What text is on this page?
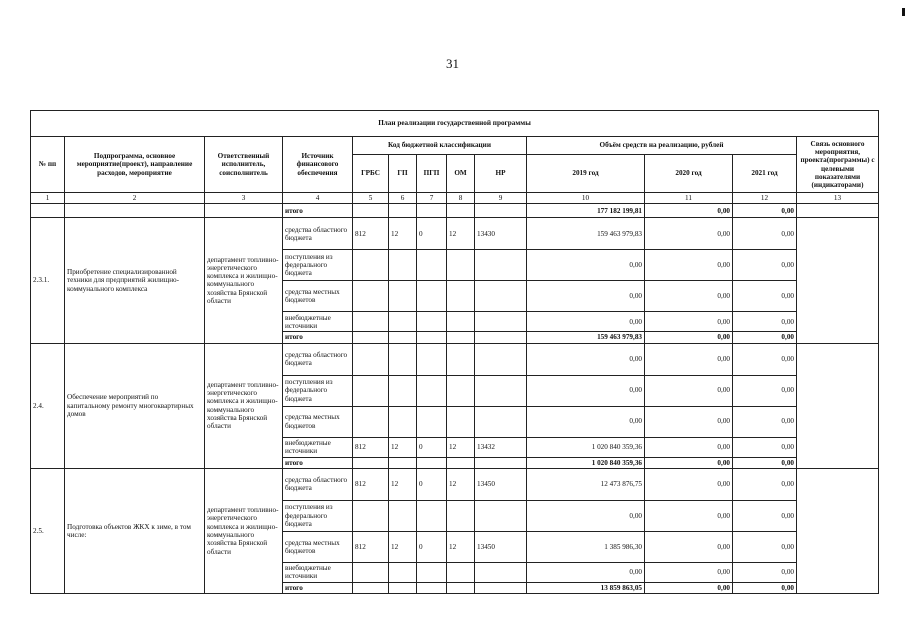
31
План реализации государственной программы												
№ пп	Подпрограмма, основное мероприятие(проект), направление расходов, мероприятие	Ответственный исполнитель, соисполнитель	Источник финансового обеспечения	Код бюджетной классификации					Объём средств на реализацию, рублей			Связь основного мероприятия, проекта(программы) с целевыми показателями (индикаторами)
				ГРБС	ГП	ПГП	ОМ	НР	2019 год	2020 год	2021 год	
1	2	3	4	5	6	7	8	9	10	11	12	13
			итого						177 182 199,81	0,00	0,00	
2.3.1.	Приобретение специализированной техники для предприятий жилищно-коммунального комплекса	департамент топливно-энергетического комплекса и жилищно-коммунального хозяйства Брянской области	средства областного бюджета	812	12	0	12	13430	159 463 979,83	0,00	0,00	
			поступления из федерального бюджета						0,00	0,00	0,00	
			средства местных бюджетов						0,00	0,00	0,00	
			внебюджетные источники						0,00	0,00	0,00	
			итого						159 463 979,83	0,00	0,00	
2.4.	Обеспечение мероприятий по капитальному ремонту многоквартирных домов	департамент топливно-энергетического комплекса и жилищно-коммунального хозяйства Брянской области	средства областного бюджета						0,00	0,00	0,00	
			поступления из федерального бюджета						0,00	0,00	0,00	
			средства местных бюджетов						0,00	0,00	0,00	
			внебюджетные источники	812	12	0	12	13432	1 020 840 359,36	0,00	0,00	
			итого						1 020 840 359,36	0,00	0,00	
2.5.	Подготовка объектов ЖКХ к зиме, в том числе:	департамент топливно-энергетического комплекса и жилищно-коммунального хозяйства Брянской области	средства областного бюджета	812	12	0	12	13450	12 473 876,75	0,00	0,00	
			поступления из федерального бюджета						0,00	0,00	0,00	
			средства местных бюджетов	812	12	0	12	13450	1 385 986,30	0,00	0,00	
			внебюджетные источники						0,00	0,00	0,00	
			итого						13 859 863,05	0,00	0,00	
